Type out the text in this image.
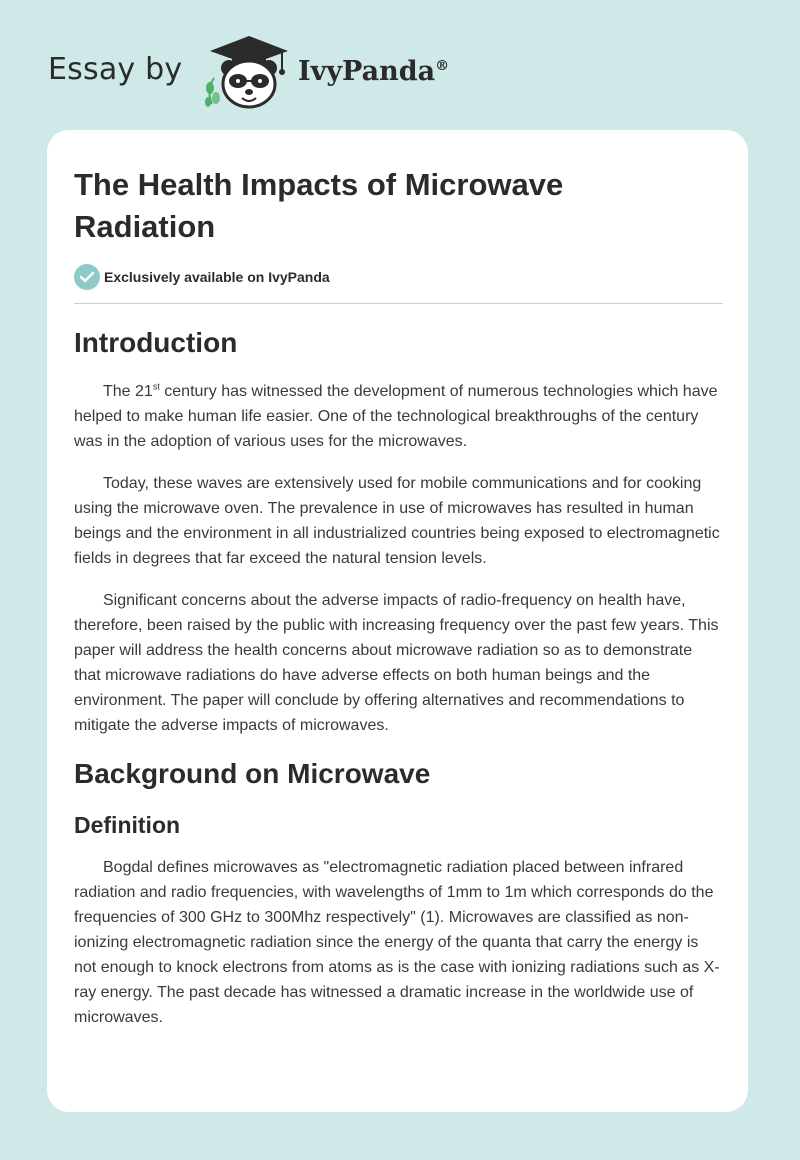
Essay by	IvyPanda®
The Health Impacts of Microwave Radiation
Exclusively available on IvyPanda
Introduction

The 21st century has witnessed the development of numerous technologies which have helped to make human life easier. One of the technological breakthroughs of the century was in the adoption of various uses for the microwaves.

Today, these waves are extensively used for mobile communications and for cooking using the microwave oven. The prevalence in use of microwaves has resulted in human beings and the environment in all industrialized countries being exposed to electromagnetic fields in degrees that far exceed the natural tension levels.

Significant concerns about the adverse impacts of radio-frequency on health have, therefore, been raised by the public with increasing frequency over the past few years. This paper will address the health concerns about microwave radiation so as to demonstrate that microwave radiations do have adverse effects on both human beings and the environment. The paper will conclude by offering alternatives and recommendations to mitigate the adverse impacts of microwaves.

Background on Microwave
Definition

Bogdal defines microwaves as "electromagnetic radiation placed between infrared radiation and radio frequencies, with wavelengths of 1mm to 1m which corresponds do the frequencies of 300 GHz to 300Mhz respectively" (1). Microwaves are classified as non-ionizing electromagnetic radiation since the energy of the quanta that carry the energy is not enough to knock electrons from atoms as is the case with ionizing radiations such as X-ray energy. The past decade has witnessed a dramatic increase in the worldwide use of microwaves.
